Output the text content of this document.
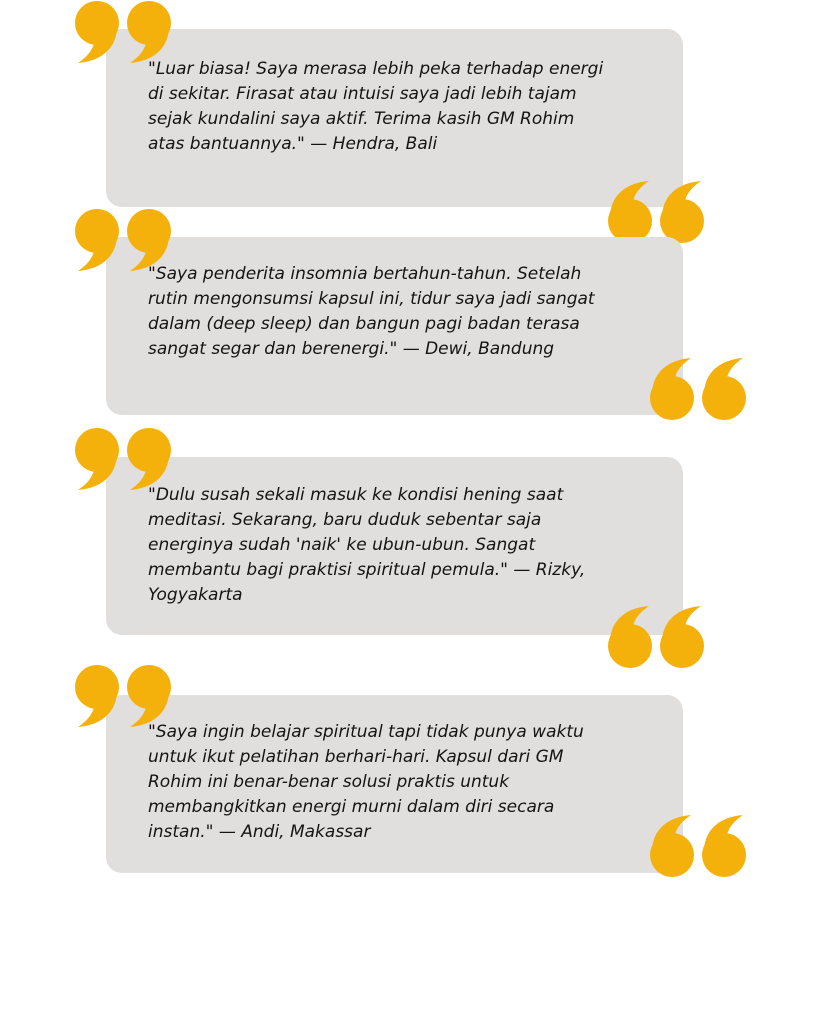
"Luar biasa! Saya merasa lebih peka terhadap energi
di sekitar. Firasat atau intuisi saya jadi lebih tajam
sejak kundalini saya aktif. Terima kasih GM Rohim
atas bantuannya." — Hendra, Bali

"Saya penderita insomnia bertahun-tahun. Setelah
rutin mengonsumsi kapsul ini, tidur saya jadi sangat
dalam (deep sleep) dan bangun pagi badan terasa
sangat segar dan berenergi." — Dewi, Bandung

"Dulu susah sekali masuk ke kondisi hening saat
meditasi. Sekarang, baru duduk sebentar saja
energinya sudah 'naik' ke ubun-ubun. Sangat
membantu bagi praktisi spiritual pemula." — Rizky,
Yogyakarta

"Saya ingin belajar spiritual tapi tidak punya waktu
untuk ikut pelatihan berhari-hari. Kapsul dari GM
Rohim ini benar-benar solusi praktis untuk
membangkitkan energi murni dalam diri secara
instan." — Andi, Makassar
